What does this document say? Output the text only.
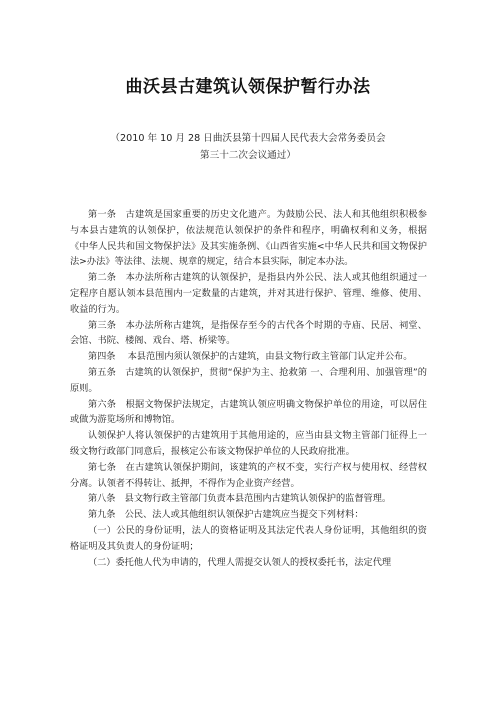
曲沃县古建筑认领保护暂行办法
（2010 年 10 月 28 日曲沃县第十四届人民代表大会常务委员会
第三十二次会议通过）

第一条　古建筑是国家重要的历史文化遗产。为鼓励公民、法人和其他组织积极参与本县古建筑的认领保护，依法规范认领保护的条件和程序，明确权利和义务，根据《中华人民共和国文物保护法》及其实施条例、《山西省实施<中华人民共和国文物保护法>办法》等法律、法规、规章的规定，结合本县实际，制定本办法。

第二条　本办法所称古建筑的认领保护，是指县内外公民、法人或其他组织通过一定程序自愿认领本县范围内一定数量的古建筑，并对其进行保护、管理、维修、使用、收益的行为。

第三条　本办法所称古建筑，是指保存至今的古代各个时期的寺庙、民居、祠堂、会馆、书院、楼阁、戏台、塔、桥梁等。

第四条　 本县范围内须认领保护的古建筑，由县文物行政主管部门认定并公布。

第五条　古建筑的认领保护，贯彻“保护为主、抢救第 一、合理利用、加强管理”的原则。

第六条　根据文物保护法规定，古建筑认领应明确文物保护单位的用途，可以居住或做为游览场所和博物馆。

认领保护人将认领保护的古建筑用于其他用途的，应当由县文物主管部门征得上一级文物行政部门同意后，报核定公布该文物保护单位的人民政府批准。

第七条　在古建筑认领保护期间，该建筑的产权不变，实行产权与使用权、经营权分离。认领者不得转让、抵押，不得作为企业资产经营。

第八条　县文物行政主管部门负责本县范围内古建筑认领保护的监督管理。

第九条　公民、法人或其他组织认领保护古建筑应当提交下列材料：

（一）公民的身份证明，法人的资格证明及其法定代表人身份证明，其他组织的资格证明及其负责人的身份证明；

（二）委托他人代为申请的，代理人需提交认领人的授权委托书，法定代理
